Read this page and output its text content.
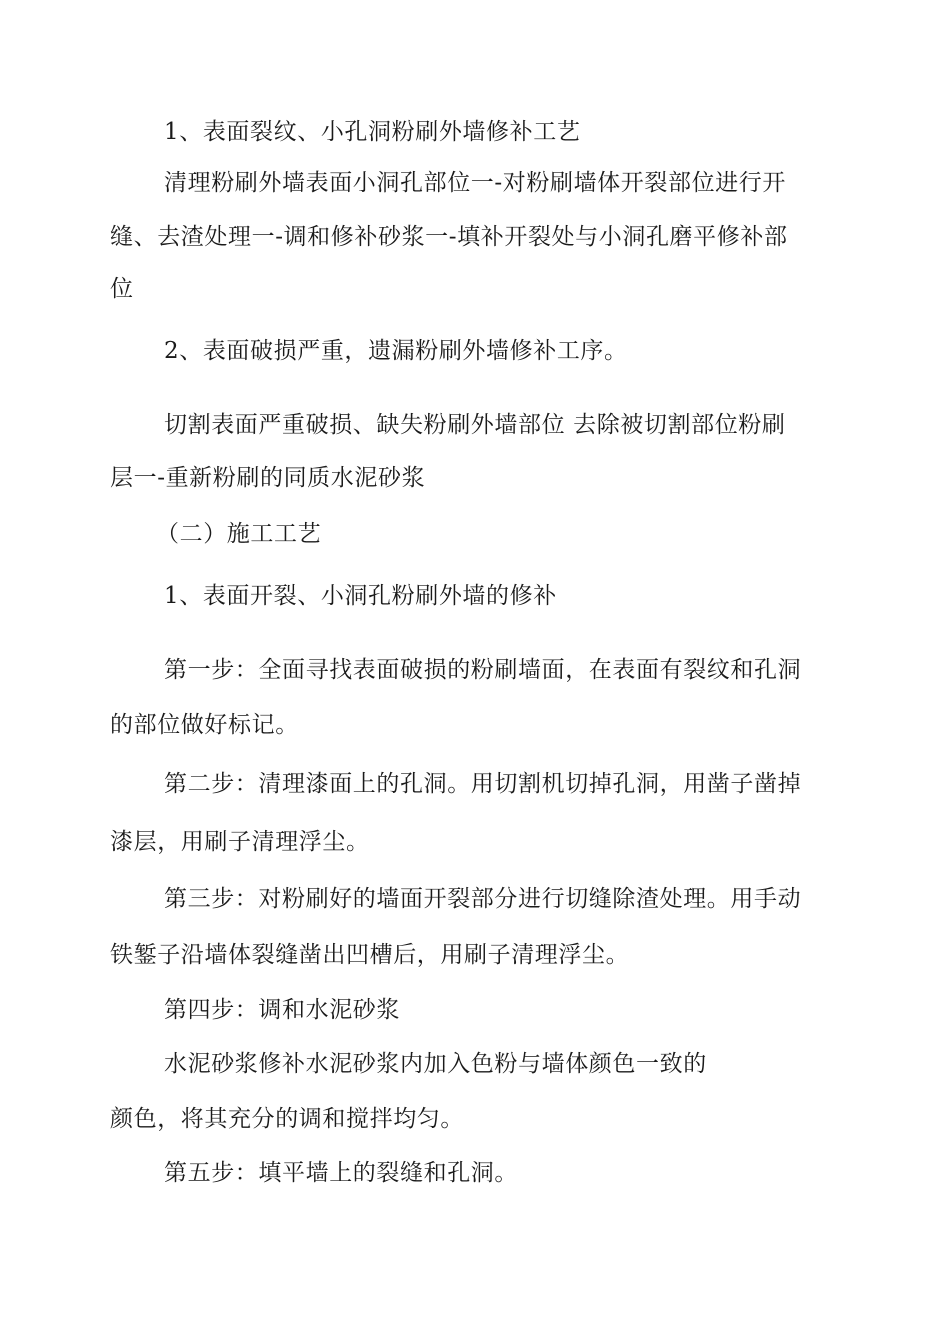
1、表面裂纹、小孔洞粉刷外墙修补工艺
清理粉刷外墙表面小洞孔部位一-对粉刷墙体开裂部位进行开
缝、去渣处理一-调和修补砂浆一-填补开裂处与小洞孔磨平修补部
位
2、表面破损严重，遗漏粉刷外墙修补工序。
切割表面严重破损、缺失粉刷外墙部位 去除被切割部位粉刷
层一-重新粉刷的同质水泥砂浆
（二）施工工艺
1、表面开裂、小洞孔粉刷外墙的修补
第一步：全面寻找表面破损的粉刷墙面，在表面有裂纹和孔洞
的部位做好标记。
第二步：清理漆面上的孔洞。用切割机切掉孔洞，用凿子凿掉
漆层，用刷子清理浮尘。
第三步：对粉刷好的墙面开裂部分进行切缝除渣处理。用手动
铁錾子沿墙体裂缝凿出凹槽后，用刷子清理浮尘。
第四步：调和水泥砂浆
水泥砂浆修补水泥砂浆内加入色粉与墙体颜色一致的
颜色，将其充分的调和搅拌均匀。
第五步：填平墙上的裂缝和孔洞。
